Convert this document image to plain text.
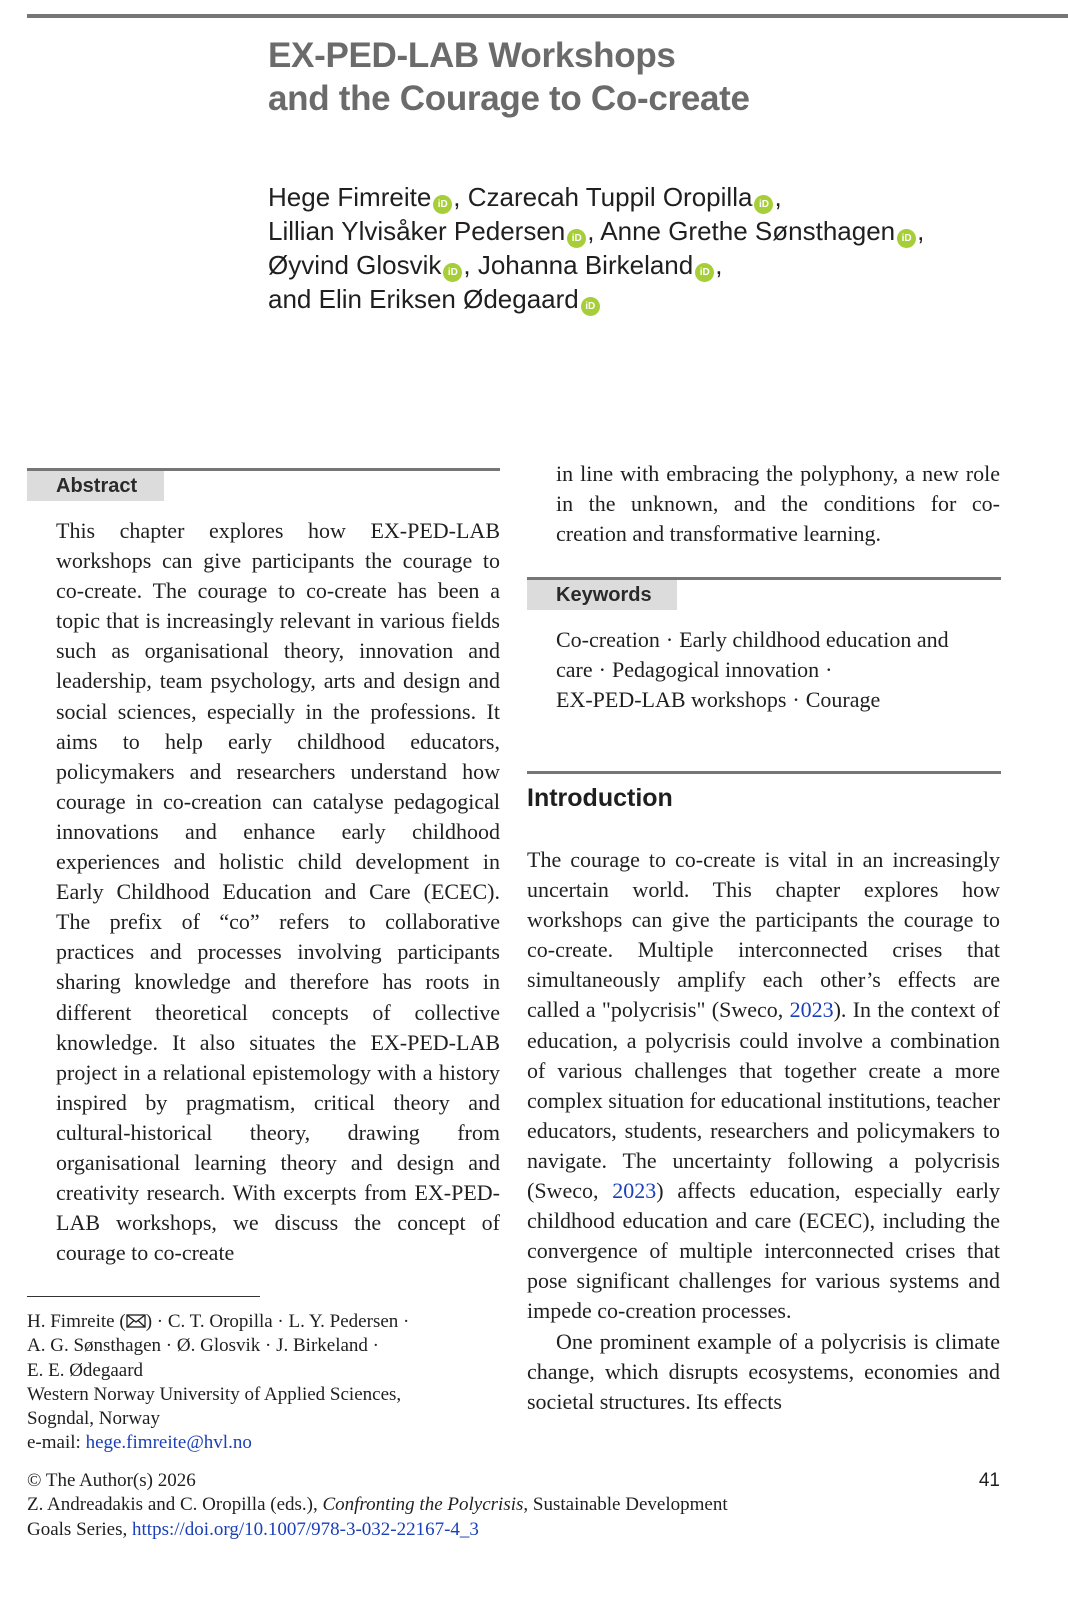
EX-PED-LAB Workshops
and the Courage to Co-create
Hege Fimreite iD , Czarecah Tuppil Oropilla iD ,
Lillian Ylvisåker Pedersen iD , Anne Grethe Sønsthagen iD ,
Øyvind Glosvik iD , Johanna Birkeland iD ,
and Elin Eriksen Ødegaard iD
Abstract

This chapter explores how EX-PED-LAB workshops can give participants the courage to co-create. The courage to co-create has been a topic that is increasingly relevant in various fields such as organisational theory, innovation and leadership, team psychology, arts and design and social sciences, especially in the professions. It aims to help early childhood educators, policymakers and researchers understand how courage in co-creation can catalyse pedagogical innovations and enhance early childhood experiences and holistic child development in Early Childhood Education and Care (ECEC). The prefix of “co” refers to collaborative practices and processes involving participants sharing knowledge and therefore has roots in different theoretical concepts of collective knowledge. It also situates the EX-PED-LAB project in a relational epistemology with a history inspired by pragmatism, critical theory and cultural-historical theory, drawing from organisational learning theory and design and creativity research. With excerpts from EX-PED-LAB workshops, we discuss the concept of courage to co-create

in line with embracing the polyphony, a new role in the unknown, and the conditions for co-creation and transformative learning.

Keywords
Co-creation · Early childhood education and care · Pedagogical innovation ·
EX-PED-LAB workshops · Courage
Introduction

The courage to co-create is vital in an increasingly uncertain world. This chapter explores how workshops can give the participants the courage to co-create. Multiple interconnected crises that simultaneously amplify each other’s effects are called a "polycrisis" (Sweco, 2023). In the context of education, a polycrisis could involve a combination of various challenges that together create a more complex situation for educational institutions, teacher educators, students, researchers and policymakers to navigate. The uncertainty following a polycrisis (Sweco, 2023) affects education, especially early childhood education and care (ECEC), including the convergence of multiple interconnected crises that pose significant challenges for various systems and impede co-creation processes.

One prominent example of a polycrisis is climate change, which disrupts ecosystems, economies and societal structures. Its effects

H. Fimreite ( ) · C. T. Oropilla · L. Y. Pedersen ·
A. G. Sønsthagen · Ø. Glosvik · J. Birkeland ·
E. E. Ødegaard
Western Norway University of Applied Sciences,
Sogndal, Norway
e-mail: hege.fimreite@hvl.no
© The Author(s) 2026
Z. Andreadakis and C. Oropilla (eds.), Confronting the Polycrisis, Sustainable Development
Goals Series, https://doi.org/10.1007/978-3-032-22167-4_3
41
